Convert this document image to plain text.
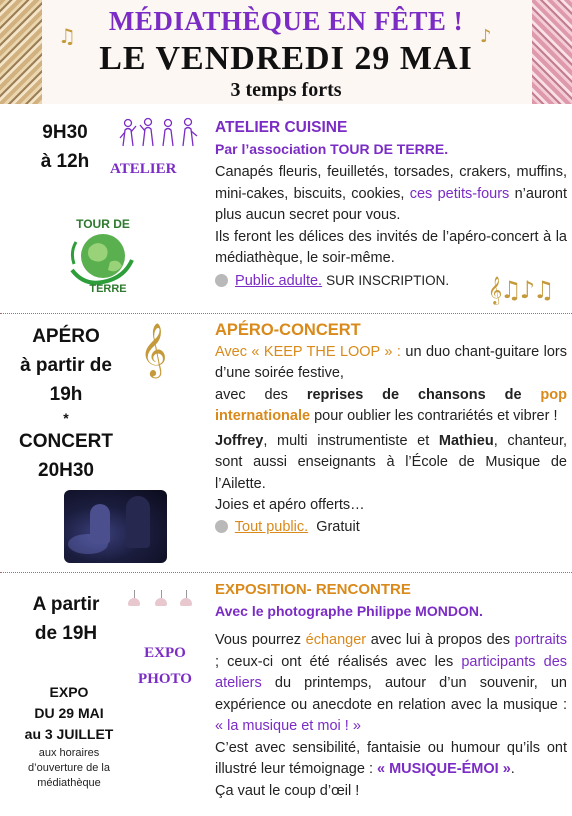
♫	♪
MÉDIATHÈQUE EN FÊTE !
LE VENDREDI 29 MAI
3 temps forts
9H30
à 12h	ATELIER
TOUR DE
TERRE
ATELIER CUISINE
Par l’association TOUR DE TERRE.

Canapés fleuris, feuilletés, torsades, crakers, muffins, mini-cakes, biscuits, cookies, ces petits-fours n’auront plus aucun secret pour vous.

Ils feront les délices des invités de l’apéro-concert à la médiathèque, le soir-même.

Public adulte. SUR INSCRIPTION.	𝄞♫♪♫
APÉRO
à partir de
19h
*
CONCERT
20H30
𝄞	APÉRO-CONCERT

Avec « KEEP THE LOOP » : un duo chant-guitare lors d’une soirée festive,

avec des reprises de chansons de pop internationale pour oublier les contrariétés et vibrer !

Joffrey, multi instrumentiste et Mathieu, chanteur, sont aussi enseignants à l’École de Musique de l’Ailette.

Joies et apéro offerts…

Tout public. Gratuit

A partir
de 19H
EXPO
PHOTO
EXPO
DU 29 MAI
au 3 JUILLET
aux horaires
d’ouverture de la
médiathèque
EXPOSITION- RENCONTRE
Avec le photographe Philippe MONDON.

Vous pourrez échanger avec lui à propos des portraits ; ceux-ci ont été réalisés avec les participants des ateliers du printemps, autour d’un souvenir, un expérience ou anecdote en relation avec la musique : « la musique et moi ! »

C’est avec sensibilité, fantaisie ou humour qu’ils ont illustré leur témoignage : « MUSIQUE-ÉMOI ».

Ça vaut le coup d’œil !
